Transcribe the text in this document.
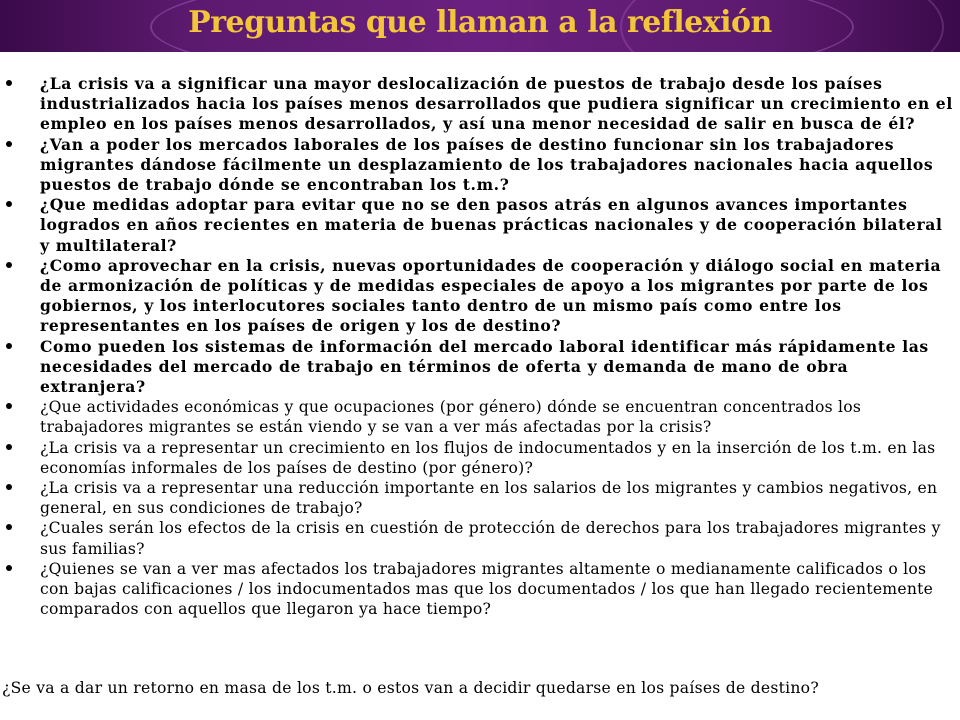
Preguntas que llaman a la reflexión
¿La crisis va a significar una mayor deslocalización de puestos de trabajo desde los países industrializados hacia los países menos desarrollados que pudiera significar un crecimiento en el empleo en los países menos desarrollados, y así una menor necesidad de salir en busca de él?
¿Van a poder los mercados laborales de los países de destino funcionar sin los trabajadores migrantes dándose fácilmente un desplazamiento de los trabajadores nacionales hacia aquellos puestos de trabajo dónde se encontraban los t.m.?
¿Que medidas adoptar para evitar que no se den pasos atrás en algunos avances importantes logrados en años recientes en materia de buenas prácticas nacionales y de cooperación bilateral y multilateral?
¿Como aprovechar en la crisis, nuevas oportunidades de cooperación y diálogo social en materia de armonización de políticas y de medidas especiales de apoyo a los migrantes por parte de los gobiernos, y los interlocutores sociales tanto dentro de un mismo país como entre los representantes en los países de origen y los de destino?
Como pueden los sistemas de información del mercado laboral identificar más rápidamente las necesidades del mercado de trabajo en términos de oferta y demanda de mano de obra extranjera?
¿Que actividades económicas y que ocupaciones (por género) dónde se encuentran concentrados los trabajadores migrantes se están viendo y se van a ver más afectadas por la crisis?
¿La crisis va a representar un crecimiento en los flujos de indocumentados y en la inserción de los t.m. en las economías informales de los países de destino (por género)?
¿La crisis va a representar una reducción importante en los salarios de los migrantes y cambios negativos, en general, en sus condiciones de trabajo?
¿Cuales serán los efectos de la crisis en cuestión de protección de derechos para los trabajadores migrantes y sus familias?
¿Quienes se van a ver mas afectados los trabajadores migrantes altamente o medianamente calificados o los con bajas calificaciones / los indocumentados mas que los documentados / los que han llegado recientemente comparados con aquellos que llegaron ya hace tiempo?
¿Se va a dar un retorno en masa de los t.m. o estos van a decidir quedarse en los países de destino?
